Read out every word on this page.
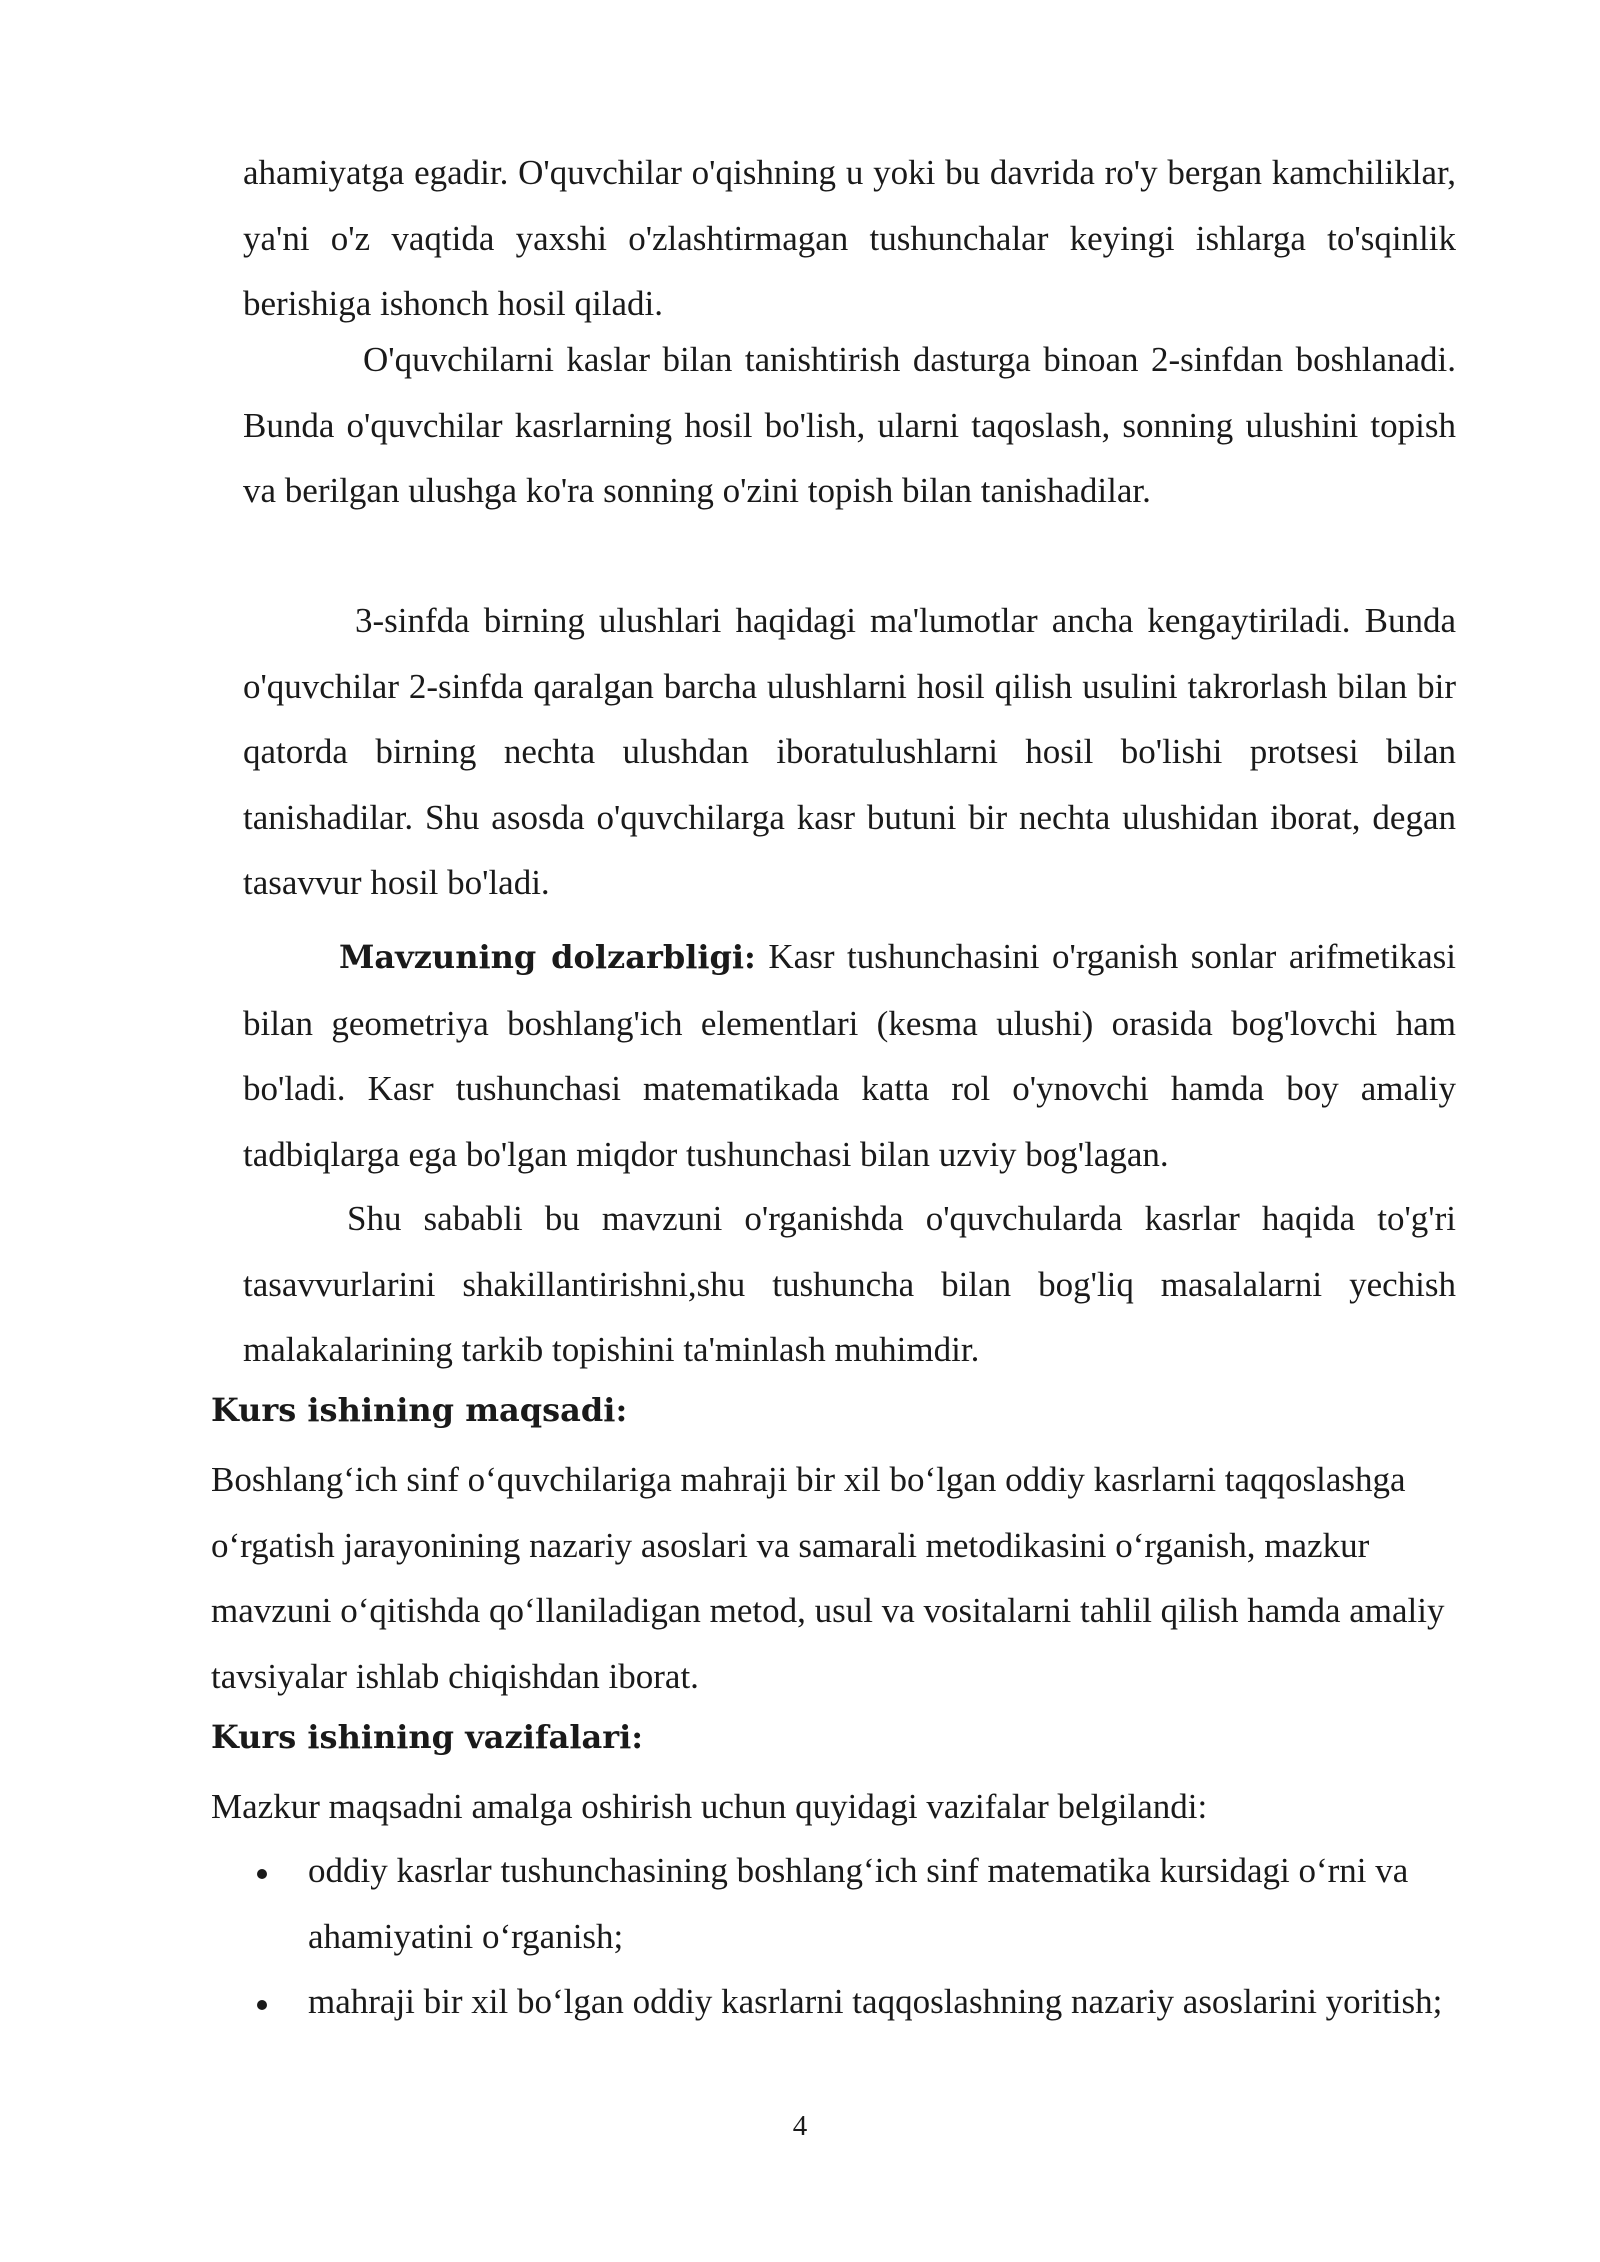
ahamiyatga egadir. O'quvchilar o'qishning u yoki bu davrida ro'y bergan kamchiliklar, ya'ni o'z vaqtida yaxshi o'zlashtirmagan tushunchalar keyingi ishlarga to'sqinlik berishiga ishonch hosil qiladi.

O'quvchilarni kaslar bilan tanishtirish dasturga binoan 2-sinfdan boshlanadi. Bunda o'quvchilar kasrlarning hosil bo'lish, ularni taqoslash, sonning ulushini topish va berilgan ulushga ko'ra sonning o'zini topish bilan tanishadilar.

3-sinfda birning ulushlari haqidagi ma'lumotlar ancha kengaytiriladi. Bunda o'quvchilar 2-sinfda qaralgan barcha ulushlarni hosil qilish usulini takrorlash bilan bir qatorda birning nechta ulushdan iboratulushlarni hosil bo'lishi protsesi bilan tanishadilar. Shu asosda o'quvchilarga kasr butuni bir nechta ulushidan iborat, degan tasavvur hosil bo'ladi.

Mavzuning dolzarbligi: Kasr tushunchasini o'rganish sonlar arifmetikasi bilan geometriya boshlang'ich elementlari (kesma ulushi) orasida bog'lovchi ham bo'ladi. Kasr tushunchasi matematikada katta rol o'ynovchi hamda boy amaliy tadbiqlarga ega bo'lgan miqdor tushunchasi bilan uzviy bog'lagan.

Shu sababli bu mavzuni o'rganishda o'quvchularda kasrlar haqida to'g'ri tasavvurlarini shakillantirishni,shu tushuncha bilan bog'liq masalalarni yechish malakalarining tarkib topishini ta'minlash muhimdir.

Kurs ishining maqsadi:

Boshlang‘ich sinf o‘quvchilariga mahraji bir xil bo‘lgan oddiy kasrlarni taqqoslashga o‘rgatish jarayonining nazariy asoslari va samarali metodikasini o‘rganish, mazkur mavzuni o‘qitishda qo‘llaniladigan metod, usul va vositalarni tahlil qilish hamda amaliy tavsiyalar ishlab chiqishdan iborat.

Kurs ishining vazifalari:

Mazkur maqsadni amalga oshirish uchun quyidagi vazifalar belgilandi:

oddiy kasrlar tushunchasining boshlang‘ich sinf matematika kursidagi o‘rni va ahamiyatini o‘rganish;
mahraji bir xil bo‘lgan oddiy kasrlarni taqqoslashning nazariy asoslarini yoritish;

4
